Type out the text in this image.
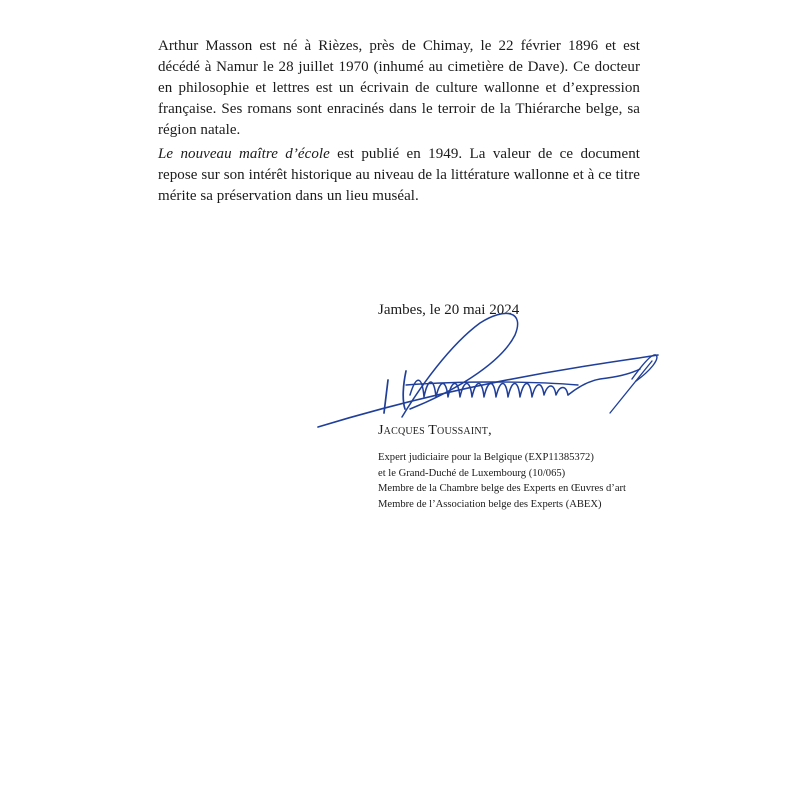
Arthur Masson est né à Rièzes, près de Chimay, le 22 février 1896 et est décédé à Namur le 28 juillet 1970 (inhumé au cimetière de Dave). Ce docteur en philosophie et lettres est un écrivain de culture wallonne et d’expression française. Ses romans sont enracinés dans le terroir de la Thiérarche belge, sa région natale.

Le nouveau maître d’école est publié en 1949. La valeur de ce document repose sur son intérêt historique au niveau de la littérature wallonne et à ce titre mérite sa préservation dans un lieu muséal.

Jambes, le 20 mai 2024

Jacques Toussaint,

Expert judiciaire pour la Belgique (EXP11385372)
et le Grand-Duché de Luxembourg (10/065)
Membre de la Chambre belge des Experts en Œuvres d’art
Membre de l’Association belge des Experts (ABEX)
